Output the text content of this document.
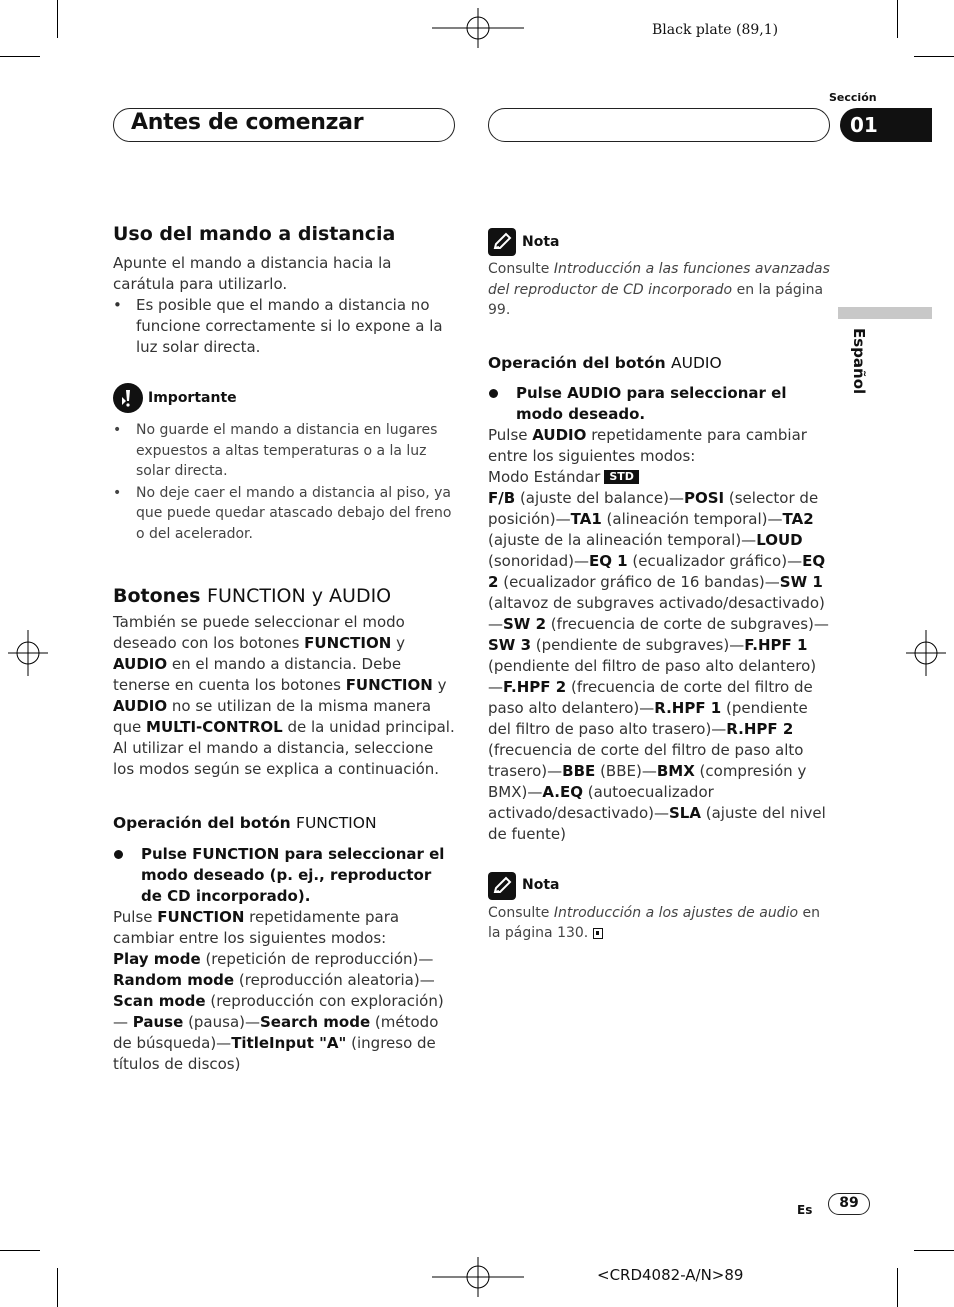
Black plate (89,1)
Sección
Antes de comenzar	01
Español
Uso del mando a distancia

Apunte el mando a distancia hacia la carátula para utilizarlo.

• Es posible que el mando a distancia no funcione correctamente si lo expone a la luz solar directa.
Importante
• No guarde el mando a distancia en lugares expuestos a altas temperaturas o a la luz solar directa.
• No deje caer el mando a distancia al piso, ya que puede quedar atascado debajo del freno o del acelerador.
Botones FUNCTION y AUDIO

También se puede seleccionar el modo deseado con los botones FUNCTION y AUDIO en el mando a distancia. Debe tenerse en cuenta los botones FUNCTION y AUDIO no se utilizan de la misma manera que MULTI-CONTROL de la unidad principal. Al utilizar el mando a distancia, seleccione los modos según se explica a continuación.

Operación del botón FUNCTION
Pulse FUNCTION para seleccionar el modo deseado (p. ej., reproductor de CD incorporado).

Pulse FUNCTION repetidamente para cambiar entre los siguientes modos:

Play mode (repetición de reproducción)— Random mode (reproducción aleatoria)— Scan mode (reproducción con exploración)— Pause (pausa)—Search mode (método de búsqueda)—TitleInput "A" (ingreso de títulos de discos)

Nota

Consulte Introducción a las funciones avanzadas del reproductor de CD incorporado en la página 99.

Operación del botón AUDIO
Pulse AUDIO para seleccionar el modo deseado.

Pulse AUDIO repetidamente para cambiar entre los siguientes modos:

Modo Estándar STD

F/B (ajuste del balance)—POSI (selector de posición)—TA1 (alineación temporal)—TA2 (ajuste de la alineación temporal)—LOUD (sonoridad)—EQ 1 (ecualizador gráfico)—EQ 2 (ecualizador gráfico de 16 bandas)—SW 1 (altavoz de subgraves activado/desactivado)—SW 2 (frecuencia de corte de subgraves)—SW 3 (pendiente de subgraves)—F.HPF 1 (pendiente del filtro de paso alto delantero)—F.HPF 2 (frecuencia de corte del filtro de paso alto delantero)—R.HPF 1 (pendiente del filtro de paso alto trasero)—R.HPF 2 (frecuencia de corte del filtro de paso alto trasero)—BBE (BBE)—BMX (compresión y BMX)—A.EQ (autoecualizador activado/desactivado)—SLA (ajuste del nivel de fuente)

Nota

Consulte Introducción a los ajustes de audio en la página 130.

Es	89
<CRD4082-A/N>89
